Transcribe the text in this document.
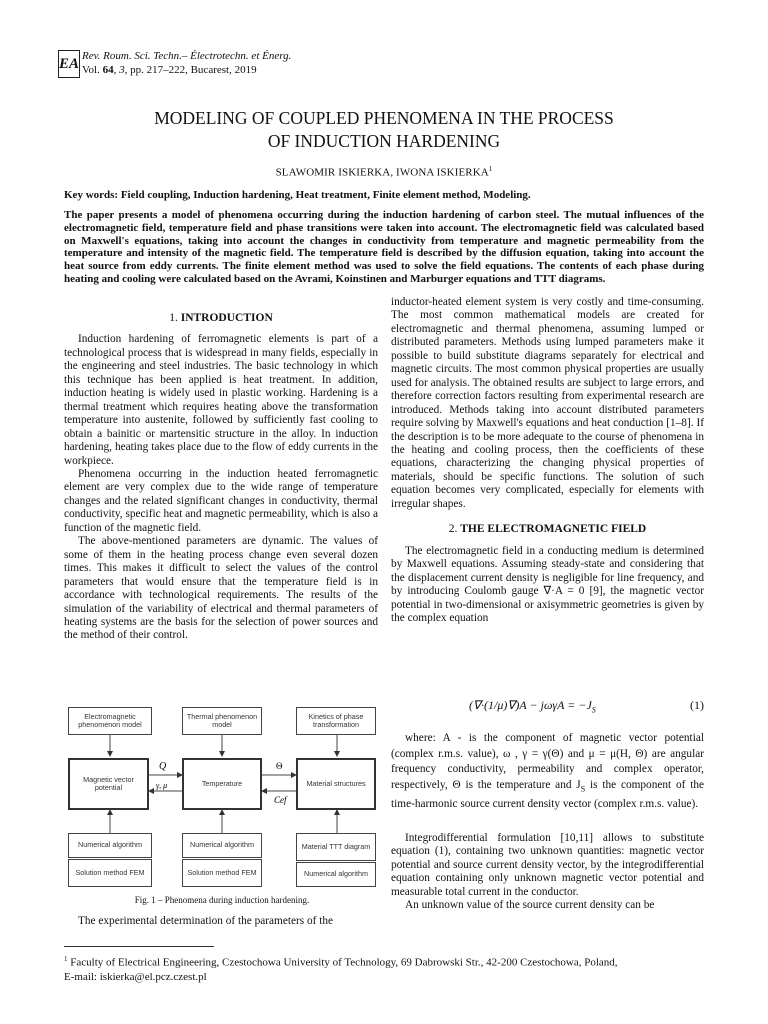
EA Rev. Roum. Sci. Techn.– Électrotechn. et Énerg.
Vol. 64, 3, pp. 217–222, Bucarest, 2019
MODELING OF COUPLED PHENOMENA IN THE PROCESS
OF INDUCTION HARDENING
SLAWOMIR ISKIERKA, IWONA ISKIERKA$^1$
Key words: Field coupling, Induction hardening, Heat treatment, Finite element method, Modeling.
The paper presents a model of phenomena occurring during the induction hardening of carbon steel. The mutual influences of the electromagnetic field, temperature field and phase transitions were taken into account. The electromagnetic field was calculated based on Maxwell's equations, taking into account the changes in conductivity from temperature and magnetic permeability from the temperature and intensity of the magnetic field. The temperature field is described by the diffusion equation, taking into account the heat source from eddy currents. The finite element method was used to solve the field equations. The contents of each phase during heating and cooling were calculated based on the Avrami, Koinstinen and Marburger equations and TTT diagrams.
1. INTRODUCTION

Induction hardening of ferromagnetic elements is part of a technological process that is widespread in many fields, especially in the engineering and steel industries. The basic technology in which this technique has been applied is heat treatment. In addition, induction heating is widely used in plastic working. Hardening is a thermal treatment which requires heating above the transformation temperature into austenite, followed by sufficiently fast cooling to obtain a bainitic or martensitic structure in the alloy. In induction hardening, heating takes place due to the flow of eddy currents in the workpiece.

Phenomena occurring in the induction heated ferromagnetic element are very complex due to the wide range of temperature changes and the related significant changes in conductivity, thermal conductivity, specific heat and magnetic permeability, which is also a function of the magnetic field.

The above-mentioned parameters are dynamic. The values of some of them in the heating process change even several dozen times. This makes it difficult to select the values of the control parameters that would ensure that the temperature field is in accordance with technological requirements. The results of the simulation of the variability of electrical and thermal parameters of heating systems are the basis for the selection of power sources and the method of their control.

Q
γ, μ
Θ
Cef
Electromagnetic phenomenon model
Thermal phenomenon model
Kinetics of phase transformation
Magnetic vector potential	Temperature	Material structures
Numerical algorithm	Numerical algorithm	Material TTT diagram
Solution method FEM	Solution method FEM	Numerical algorithm
Fig. 1 – Phenomena during induction hardening.

The experimental determination of the parameters of the

inductor-heated element system is very costly and time-consuming. The most common mathematical models are created for electromagnetic and thermal phenomena, assuming lumped or distributed parameters. Methods using lumped parameters make it possible to build substitute diagrams separately for electrical and magnetic circuits. The most common physical properties are usually used for analysis. The obtained results are subject to large errors, and therefore correction factors resulting from experimental research are introduced. Methods taking into account distributed parameters require solving by Maxwell's equations and heat conduction [1–8]. If the description is to be more adequate to the course of phenomena in the heating and cooling process, then the coefficients of these equations, characterizing the changing physical properties of materials, should be specific functions. The solution of such equation becomes very complicated, especially for elements with irregular shapes.

2. THE ELECTROMAGNETIC FIELD

The electromagnetic field in a conducting medium is determined by Maxwell equations. Assuming steady-state and considering that the displacement current density is negligible for line frequency, and by introducing Coulomb gauge ∇·A = 0 [9], the magnetic vector potential in two-dimensional or axisymmetric geometries is given by the complex equation

$(\nabla\cdot(1/\mu)\nabla)A - j\omega\gamma A = -J_S$	(1)

where: A - is the component of magnetic vector potential (complex r.m.s. value), ω , γ = γ(Θ) and μ = μ(H, Θ) are angular frequency conductivity, permeability and complex operator, respectively, Θ is the temperature and $J_S$ is the component of the time-harmonic source current density vector (complex r.m.s. value).

Integrodifferential formulation [10,11] allows to substitute equation (1), containing two unknown quantities: magnetic vector potential and source current density vector, by the integrodifferential equation containing only unknown magnetic vector potential and measurable total current in the conductor.

An unknown value of the source current density can be

$^1$ Faculty of Electrical Engineering, Czestochowa University of Technology, 69 Dabrowski Str., 42-200 Czestochowa, Poland,
E-mail: iskierka@el.pcz.czest.pl
